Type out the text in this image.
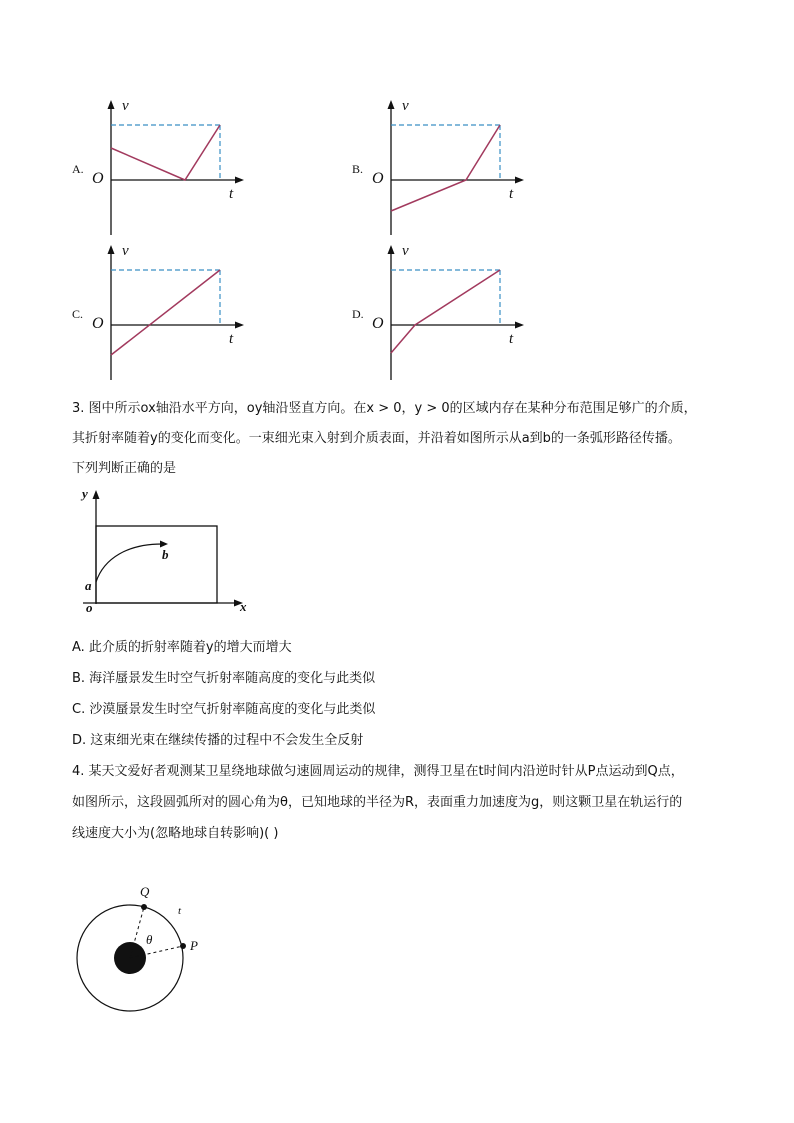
A.
v
O
t
B.
v
O
t
C.
v
O
t
D.
v
O
t
3. 图中所示ox轴沿水平方向，oy轴沿竖直方向。在x > 0，y > 0的区域内存在某种分布范围足够广的介质，
其折射率随着y的变化而变化。一束细光束入射到介质表面，并沿着如图所示从a到b的一条弧形路径传播。
下列判断正确的是
y
x
o
a
b
A. 此介质的折射率随着y的增大而增大
B. 海洋蜃景发生时空气折射率随高度的变化与此类似
C. 沙漠蜃景发生时空气折射率随高度的变化与此类似
D. 这束细光束在继续传播的过程中不会发生全反射
4. 某天文爱好者观测某卫星绕地球做匀速圆周运动的规律，测得卫星在t时间内沿逆时针从P点运动到Q点，
如图所示，这段圆弧所对的圆心角为θ，已知地球的半径为R，表面重力加速度为g，则这颗卫星在轨运行的
线速度大小为(忽略地球自转影响)( )
Q
P
t
θ
